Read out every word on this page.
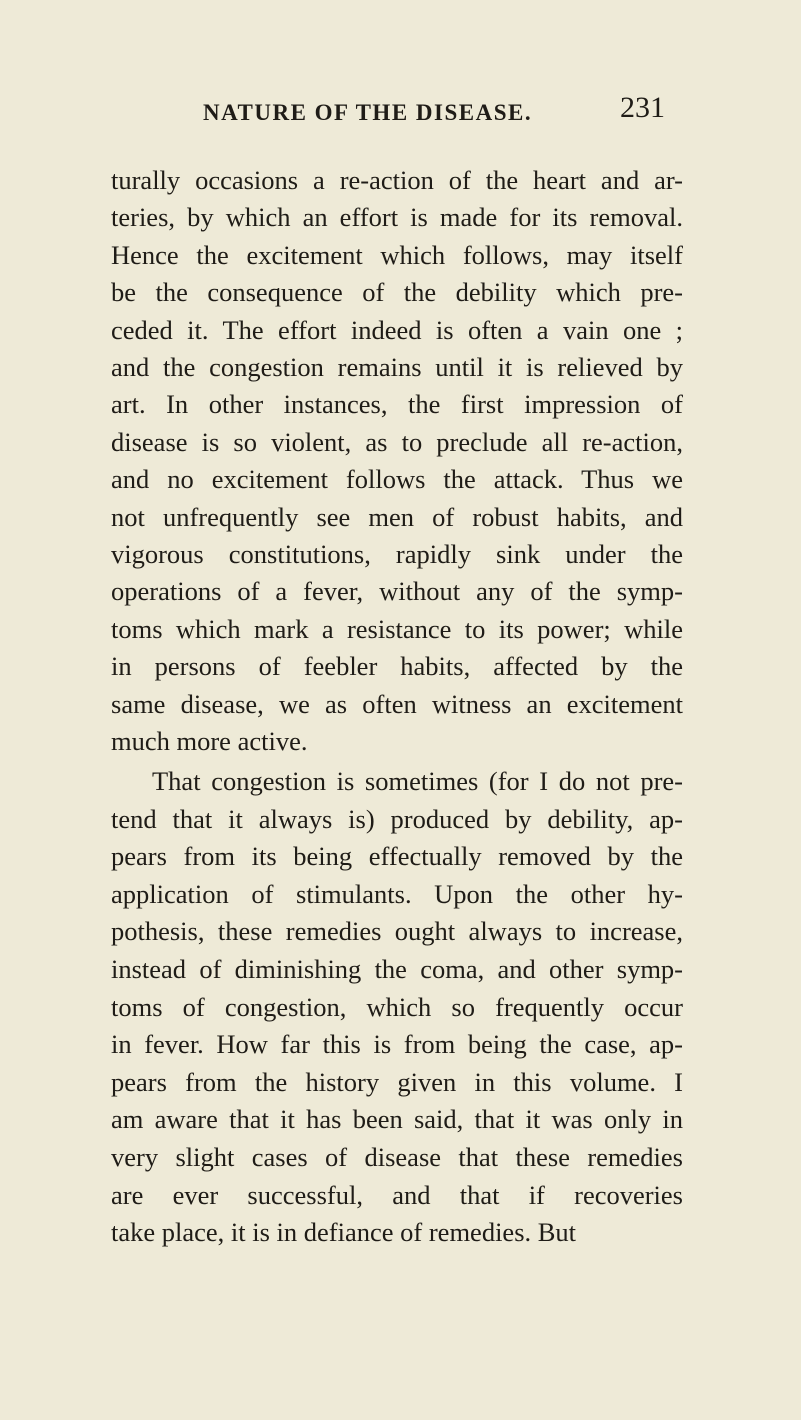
NATURE OF THE DISEASE.	231
turally occasions a re-action of the heart and ar-
teries, by which an effort is made for its removal.
Hence the excitement which follows, may itself
be the consequence of the debility which pre-
ceded it. The effort indeed is often a vain one ;
and the congestion remains until it is relieved by
art. In other instances, the first impression of
disease is so violent, as to preclude all re-action,
and no excitement follows the attack. Thus we
not unfrequently see men of robust habits, and
vigorous constitutions, rapidly sink under the
operations of a fever, without any of the symp-
toms which mark a resistance to its power; while
in persons of feebler habits, affected by the
same disease, we as often witness an excitement
much more active.
That congestion is sometimes (for I do not pre-
tend that it always is) produced by debility, ap-
pears from its being effectually removed by the
application of stimulants. Upon the other hy-
pothesis, these remedies ought always to increase,
instead of diminishing the coma, and other symp-
toms of congestion, which so frequently occur
in fever. How far this is from being the case, ap-
pears from the history given in this volume. I
am aware that it has been said, that it was only in
very slight cases of disease that these remedies
are ever successful, and that if recoveries
take place, it is in defiance of remedies. But
